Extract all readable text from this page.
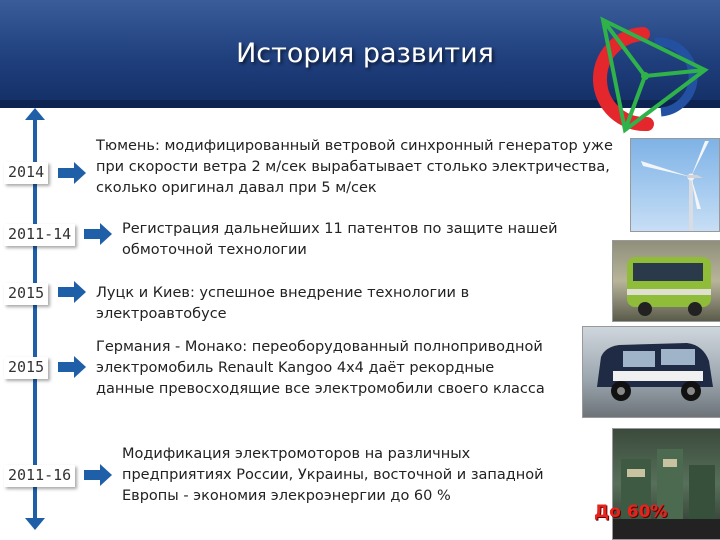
История развития
2014
Тюмень: модифицированный ветровой синхронный генератор уже при скорости ветра 2 м/сек вырабатывает столько электричества, сколько оригинал давал при 5 м/сек
2011-14	Регистрация дальнейших 11 патентов по защите нашей обмоточной технологии
2015	Луцк и Киев: успешное внедрение технологии в электроавтобусе
2015
Германия - Монако: переоборудованный полноприводной электромобиль Renault Kangoo 4x4 даёт рекордные данные превосходящие все электромобили своего класса
2011-16
Модификация электромоторов на различных предприятиях России, Украины, восточной и западной Европы - экономия элекроэнергии до 60 %
До 60%
